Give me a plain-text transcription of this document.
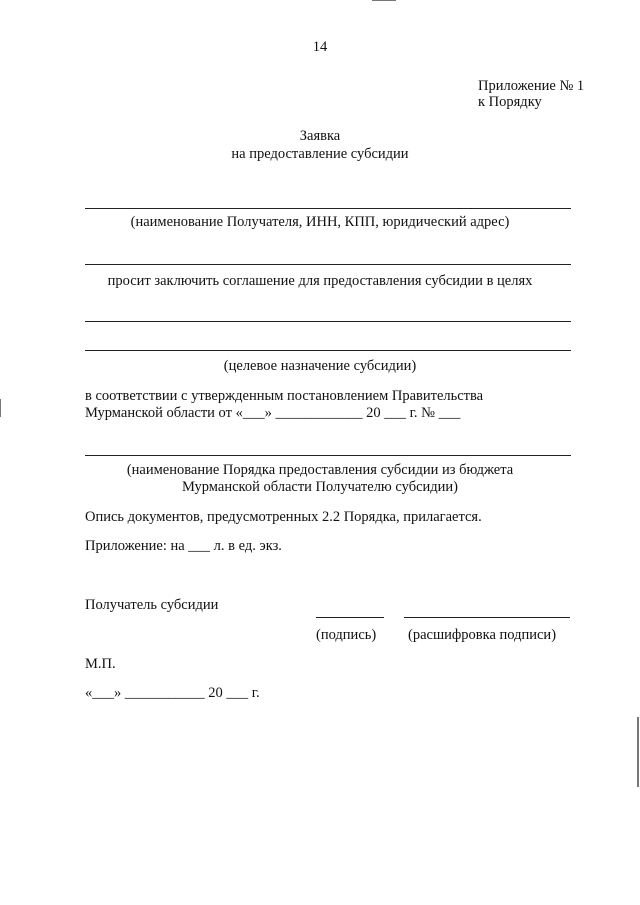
14
Приложение № 1
к Порядку
Заявка
на предоставление субсидии
(наименование Получателя, ИНН, КПП, юридический адрес)
просит заключить соглашение для предоставления субсидии в целях
(целевое назначение субсидии)
в соответствии с утвержденным постановлением Правительства
Мурманской области от «___» ____________ 20 ___ г. № ___
(наименование Порядка предоставления субсидии из бюджета
Мурманской области Получателю субсидии)
Опись документов, предусмотренных 2.2 Порядка, прилагается.
Приложение: на ___ л. в ед. экз.
Получатель субсидии
(подпись) (расшифровка подписи)
М.П.
«___» ___________ 20 ___ г.
